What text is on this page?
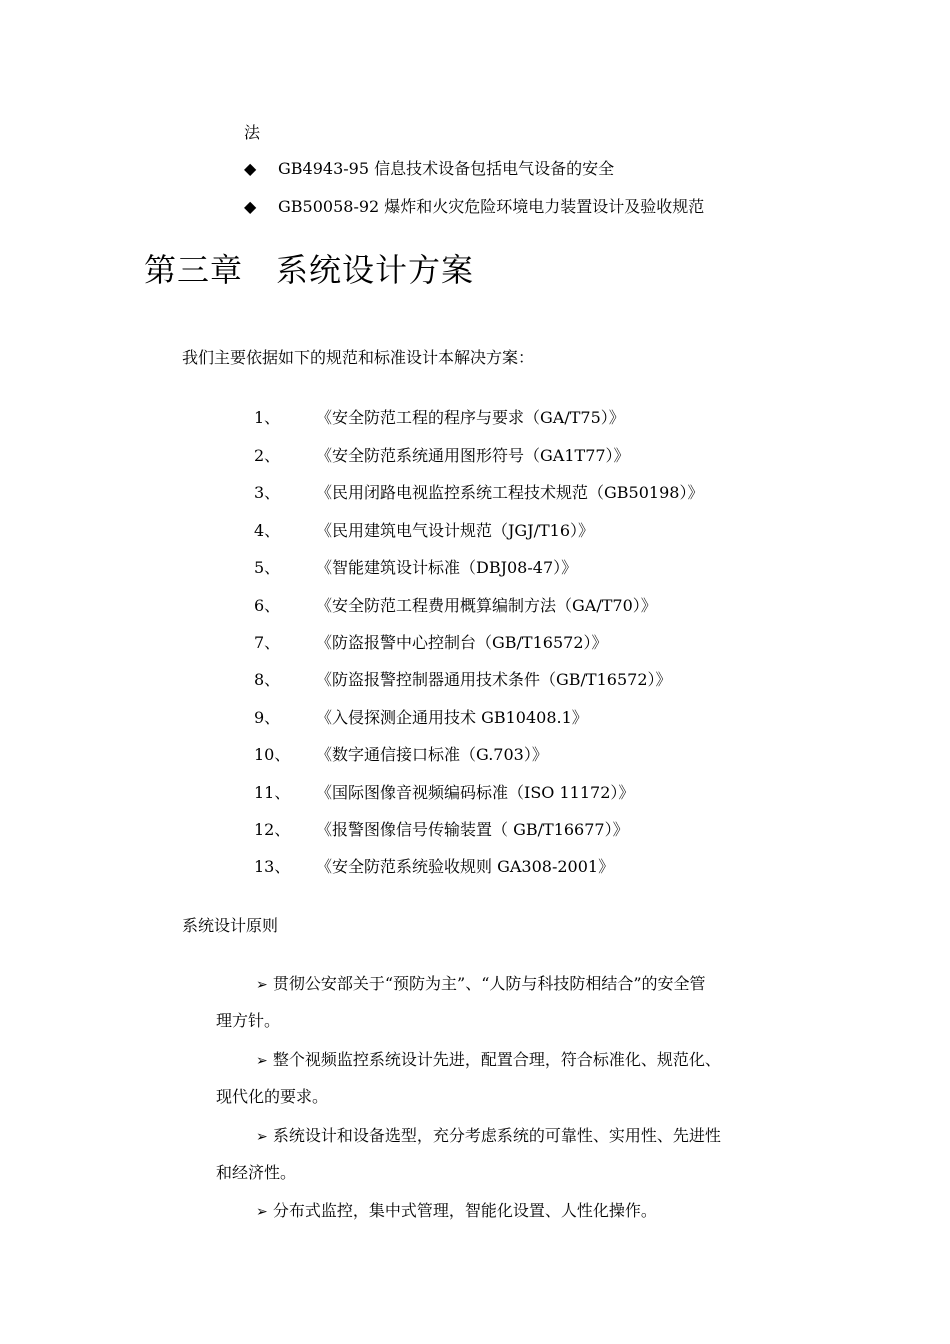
法
◆ GB4943-95 信息技术设备包括电气设备的安全
◆ GB50058-92 爆炸和火灾危险环境电力装置设计及验收规范
第三章　系统设计方案
我们主要依据如下的规范和标准设计本解决方案：
1、 《安全防范工程的程序与要求（GA/T75）》
2、 《安全防范系统通用图形符号（GA1T77）》
3、 《民用闭路电视监控系统工程技术规范（GB50198）》
4、 《民用建筑电气设计规范（JGJ/T16）》
5、 《智能建筑设计标准（DBJ08-47）》
6、 《安全防范工程费用概算编制方法（GA/T70）》
7、 《防盗报警中心控制台（GB/T16572）》
8、 《防盗报警控制器通用技术条件（GB/T16572）》
9、 《入侵探测企通用技术 GB10408.1》
10、 《数字通信接口标准（G.703）》
11、 《国际图像音视频编码标准（ISO 11172）》
12、 《报警图像信号传输装置（ GB/T16677）》
13、 《安全防范系统验收规则 GA308-2001》
系统设计原则
➢ 贯彻公安部关于“预防为主”、“人防与科技防相结合”的安全管
理方针。
➢ 整个视频监控系统设计先进，配置合理，符合标准化、规范化、
现代化的要求。
➢ 系统设计和设备选型，充分考虑系统的可靠性、实用性、先进性
和经济性。
➢ 分布式监控，集中式管理，智能化设置、人性化操作。
